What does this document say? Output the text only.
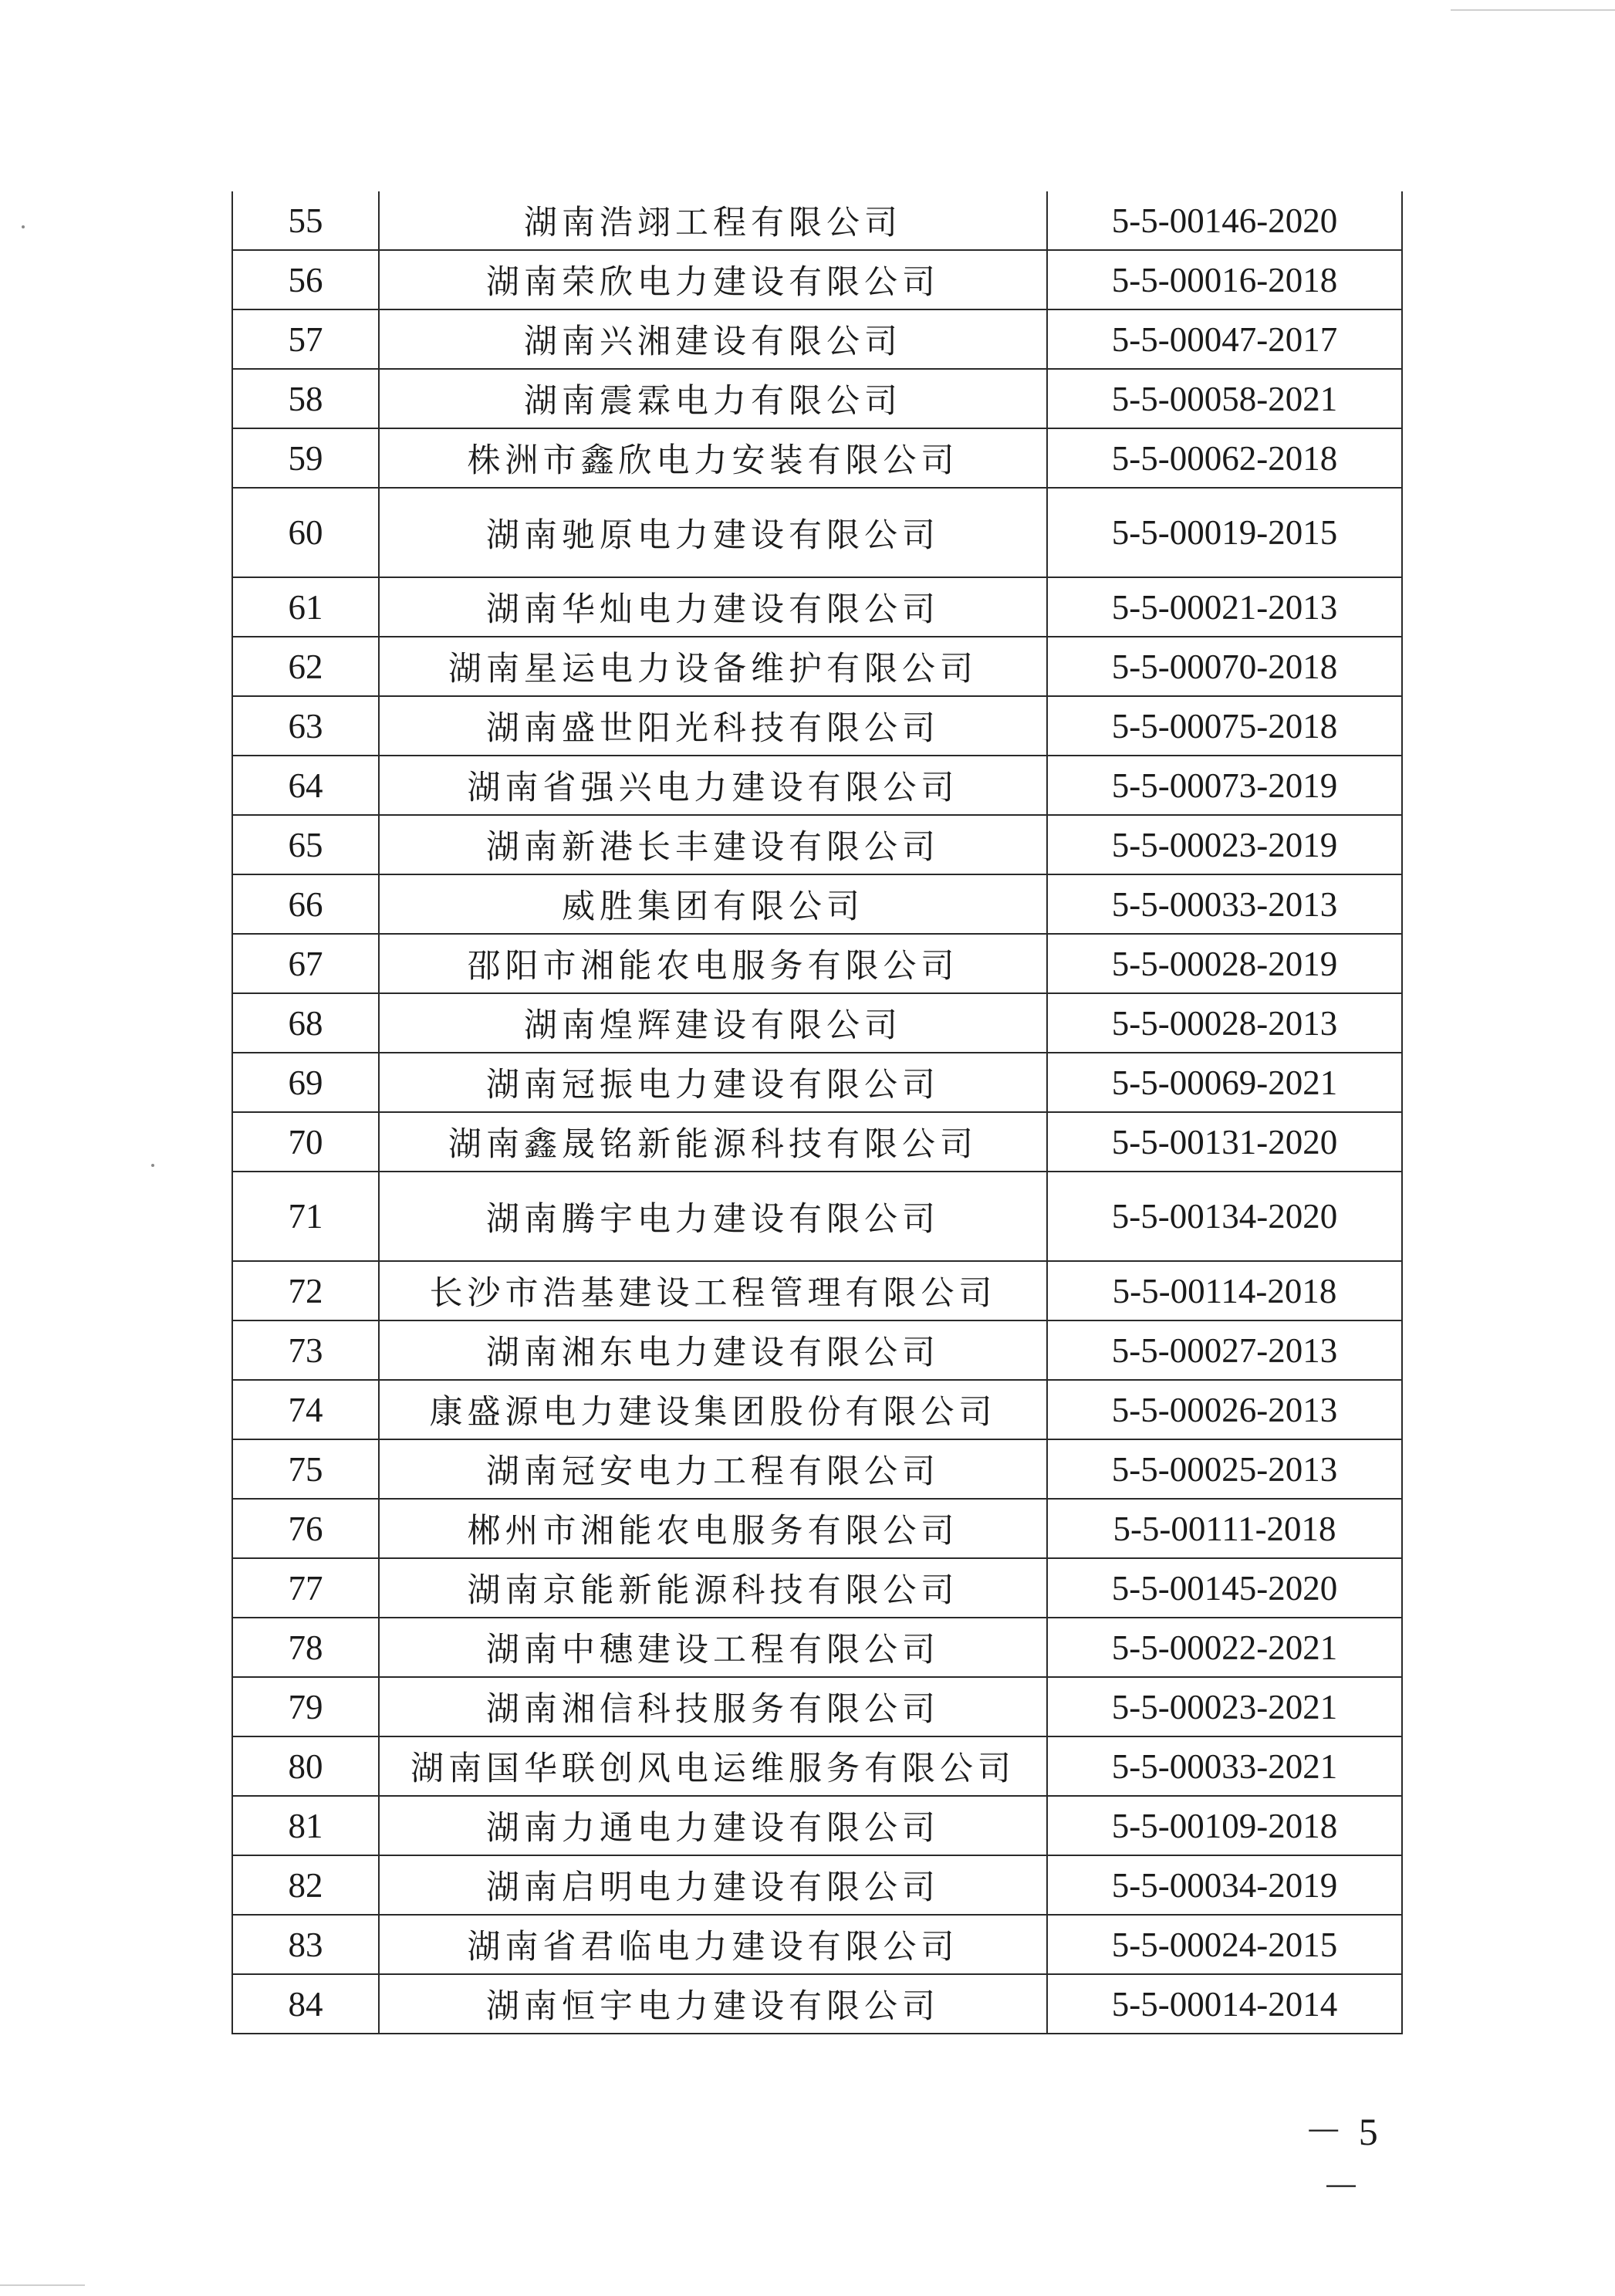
55	湖南浩翊工程有限公司	5-5-00146-2020
56	湖南荣欣电力建设有限公司	5-5-00016-2018
57	湖南兴湘建设有限公司	5-5-00047-2017
58	湖南震霖电力有限公司	5-5-00058-2021
59	株洲市鑫欣电力安装有限公司	5-5-00062-2018
60	湖南驰原电力建设有限公司	5-5-00019-2015
61	湖南华灿电力建设有限公司	5-5-00021-2013
62	湖南星运电力设备维护有限公司	5-5-00070-2018
63	湖南盛世阳光科技有限公司	5-5-00075-2018
64	湖南省强兴电力建设有限公司	5-5-00073-2019
65	湖南新港长丰建设有限公司	5-5-00023-2019
66	威胜集团有限公司	5-5-00033-2013
67	邵阳市湘能农电服务有限公司	5-5-00028-2019
68	湖南煌辉建设有限公司	5-5-00028-2013
69	湖南冠振电力建设有限公司	5-5-00069-2021
70	湖南鑫晟铭新能源科技有限公司	5-5-00131-2020
71	湖南腾宇电力建设有限公司	5-5-00134-2020
72	长沙市浩基建设工程管理有限公司	5-5-00114-2018
73	湖南湘东电力建设有限公司	5-5-00027-2013
74	康盛源电力建设集团股份有限公司	5-5-00026-2013
75	湖南冠安电力工程有限公司	5-5-00025-2013
76	郴州市湘能农电服务有限公司	5-5-00111-2018
77	湖南京能新能源科技有限公司	5-5-00145-2020
78	湖南中穗建设工程有限公司	5-5-00022-2021
79	湖南湘信科技服务有限公司	5-5-00023-2021
80	湖南国华联创风电运维服务有限公司	5-5-00033-2021
81	湖南力通电力建设有限公司	5-5-00109-2018
82	湖南启明电力建设有限公司	5-5-00034-2019
83	湖南省君临电力建设有限公司	5-5-00024-2015
84	湖南恒宇电力建设有限公司	5-5-00014-2014
－ 5 －
